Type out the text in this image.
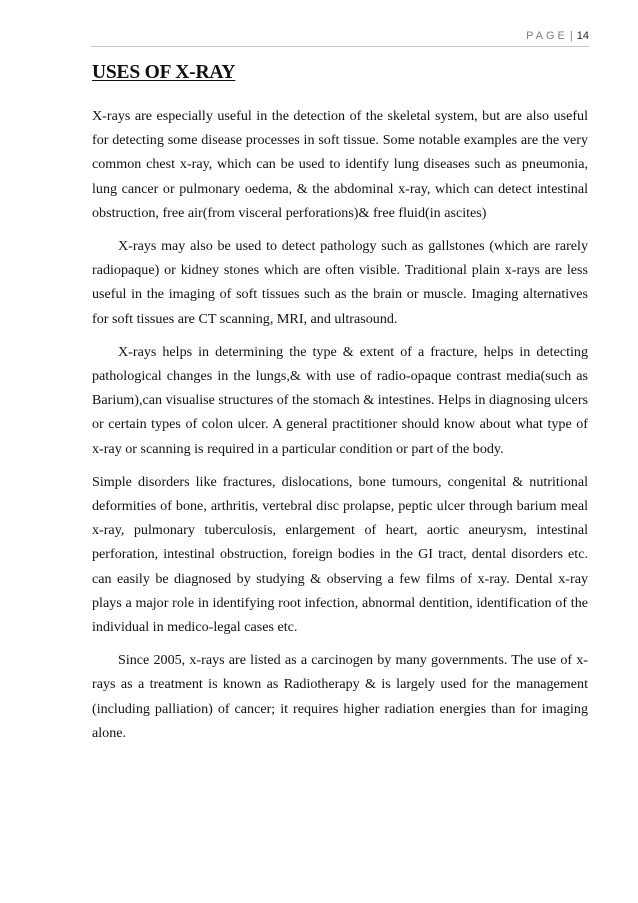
PAGE | 14
USES OF X-RAY

X-rays are especially useful in the detection of the skeletal system, but are also useful for detecting some disease processes in soft tissue. Some notable examples are the very common chest x-ray, which can be used to identify lung diseases such as pneumonia, lung cancer or pulmonary oedema, & the abdominal x-ray, which can detect intestinal obstruction, free air(from visceral perforations)& free fluid(in ascites)

X-rays may also be used to detect pathology such as gallstones (which are rarely radiopaque) or kidney stones which are often visible. Traditional plain x-rays are less useful in the imaging of soft tissues such as the brain or muscle. Imaging alternatives for soft tissues are CT scanning, MRI, and ultrasound.

X-rays helps in determining the type & extent of a fracture, helps in detecting pathological changes in the lungs,& with use of radio-opaque contrast media(such as Barium),can visualise structures of the stomach & intestines. Helps in diagnosing ulcers or certain types of colon ulcer. A general practitioner should know about what type of x-ray or scanning is required in a particular condition or part of the body.

Simple disorders like fractures, dislocations, bone tumours, congenital & nutritional deformities of bone, arthritis, vertebral disc prolapse, peptic ulcer through barium meal x-ray, pulmonary tuberculosis, enlargement of heart, aortic aneurysm, intestinal perforation, intestinal obstruction, foreign bodies in the GI tract, dental disorders etc. can easily be diagnosed by studying & observing a few films of x-ray. Dental x-ray plays a major role in identifying root infection, abnormal dentition, identification of the individual in medico-legal cases etc.

Since 2005, x-rays are listed as a carcinogen by many governments. The use of x-rays as a treatment is known as Radiotherapy & is largely used for the management (including palliation) of cancer; it requires higher radiation energies than for imaging alone.
